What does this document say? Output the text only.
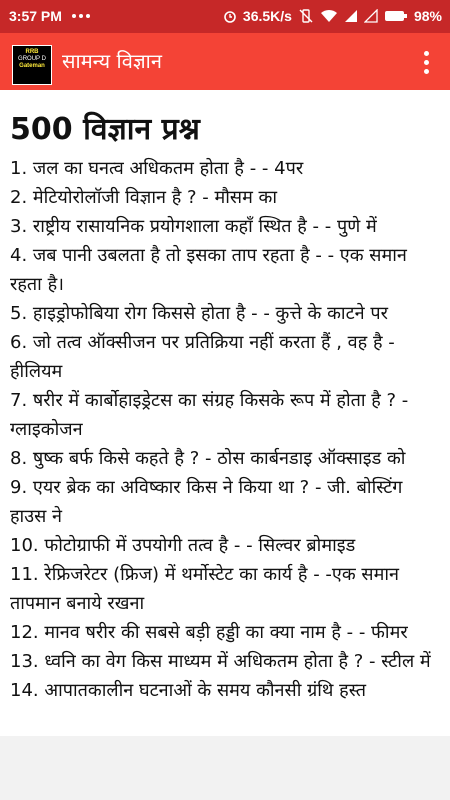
3:57 PM	36.5K/s	98%
RRB
GROUP D
Gateman सामन्य विज्ञान
500 विज्ञान प्रश्न

1. जल का घनत्व अधिकतम होता है - - 4पर

2. मेटियोरोलॉजी विज्ञान है ? - मौसम का

3. राष्ट्रीय रासायनिक प्रयोगशाला कहाँ स्थित है - - पुणे में

4. जब पानी उबलता है तो इसका ताप रहता है - - एक समान रहता है।

5. हाइड्रोफोबिया रोग किससे होता है - - कुत्ते के काटने पर

6. जो तत्व ऑक्सीजन पर प्रतिक्रिया नहीं करता हैं , वह है - हीलियम

7. षरीर में कार्बोहाइड्रेटस का संग्रह किसके रूप में होता है ? - ग्लाइकोजन

8. षुष्क बर्फ किसे कहते है ? - ठोस कार्बनडाइ ऑक्साइड को

9. एयर ब्रेक का अविष्कार किस ने किया था ? - जी. बोस्टिंग हाउस ने

10. फोटोग्राफी में उपयोगी तत्व है - - सिल्वर ब्रोमाइड

11. रेफ्रिजरेटर (फ्रिज) में थर्मोस्टेट का कार्य है - -एक समान तापमान बनाये रखना

12. मानव षरीर की सबसे बड़ी हड्डी का क्या नाम है - - फीमर

13. ध्वनि का वेग किस माध्यम में अधिकतम होता है ? - स्टील में

14. आपातकालीन घटनाओं के समय कौनसी ग्रंथि हस्त
